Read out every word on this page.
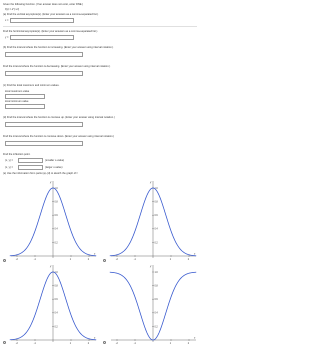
Given the following function. (If an answer does not exist, enter DNE.)
f(x) = e^(-x²)
(a) Find the vertical asymptote(s). (Enter your answers as a comma-separated list.)
x =
Find the horizontal asymptote(s). (Enter your answers as a comma-separated list.)
y =
(b) Find the interval where the function is increasing. (Enter your answer using interval notation.)
Find the interval where the function is decreasing. (Enter your answer using interval notation.)
(c) Find the local maximum and minimum values.
local maximum value
local minimum value
(d) Find the interval where the function is concave up. (Enter your answer using interval notation.)
Find the interval where the function is concave down. (Enter your answer using interval notation.)
Find the inflection point.
(x, y) =	(smaller x-value)
(x, y) =	(larger x-value)
(e) Use the information from parts (a)–(d) to sketch the graph of f.
1.0
0.8
0.6
0.4
0.2
-2	-1	1	2
x
y
1.0
0.8
0.6
0.4
0.2
-2	-1	1	2
x
y
1.0
0.8
0.6
0.4
0.2
-2	-1	1	2
x
y
1.0
0.8
0.6
0.4
0.2
-2	-1	1	2
x
y
